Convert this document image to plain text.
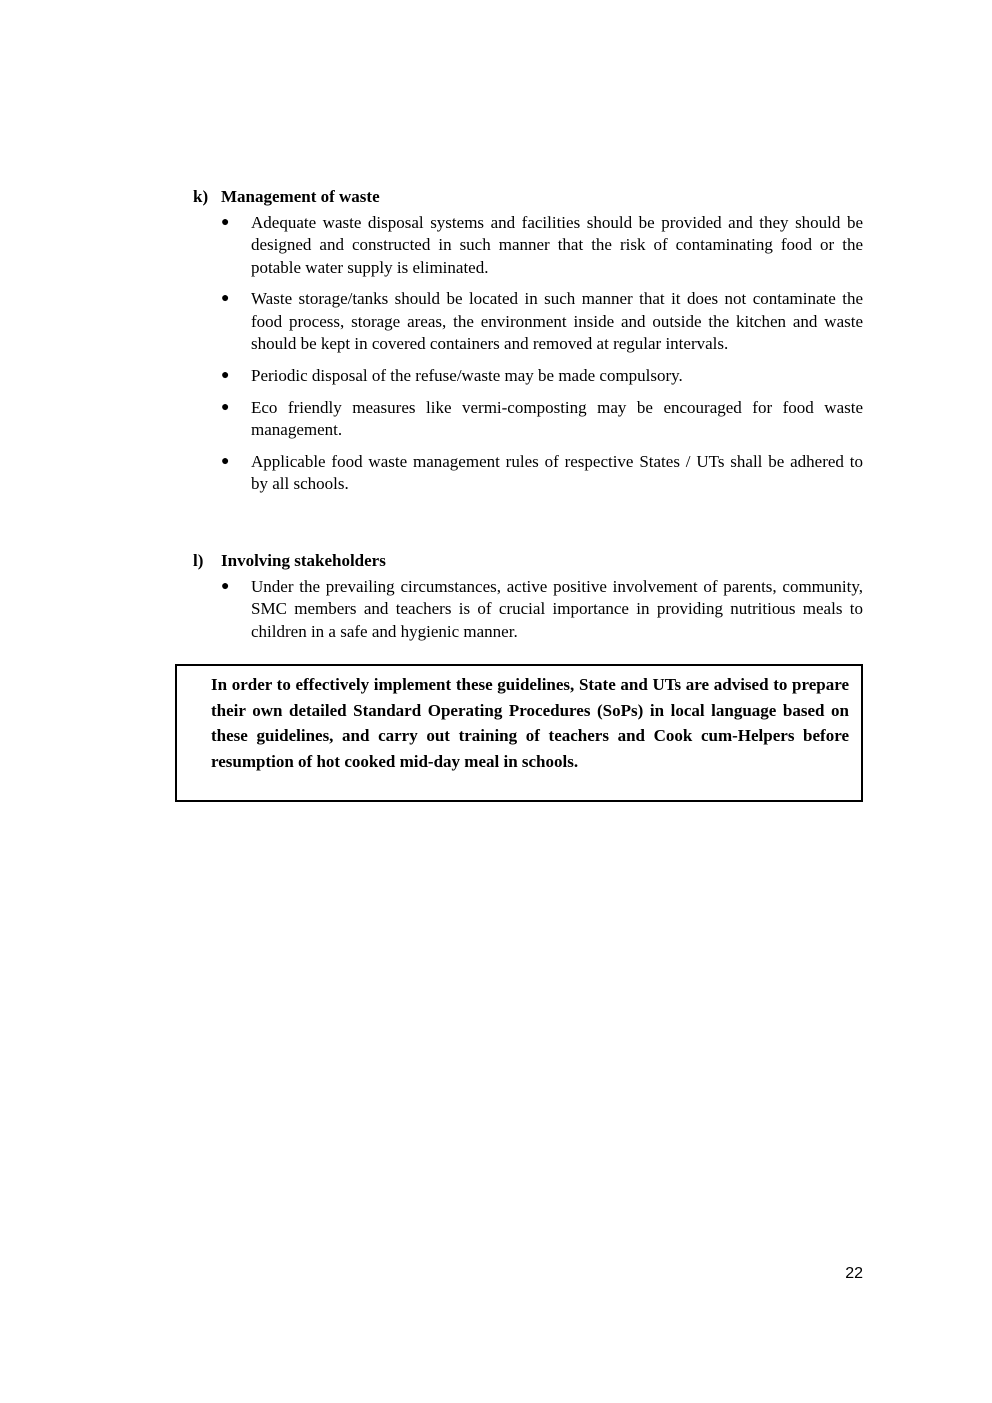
k) Management of waste
●	Adequate waste disposal systems and facilities should be provided and they should be designed and constructed in such manner that the risk of contaminating food or the potable water supply is eliminated.
●	Waste storage/tanks should be located in such manner that it does not contaminate the food process, storage areas, the environment inside and outside the kitchen and waste should be kept in covered containers and removed at regular intervals.
●	Periodic disposal of the refuse/waste may be made compulsory.
●	Eco friendly measures like vermi-composting may be encouraged for food waste management.
●	Applicable food waste management rules of respective States / UTs shall be adhered to by all schools.
l)	Involving stakeholders
●	Under the prevailing circumstances, active positive involvement of parents, community, SMC members and teachers is of crucial importance in providing nutritious meals to children in a safe and hygienic manner.

In order to effectively implement these guidelines, State and UTs are advised to prepare their own detailed Standard Operating Procedures (SoPs) in local language based on these guidelines, and carry out training of teachers and Cook cum-Helpers before resumption of hot cooked mid-day meal in schools.

22
